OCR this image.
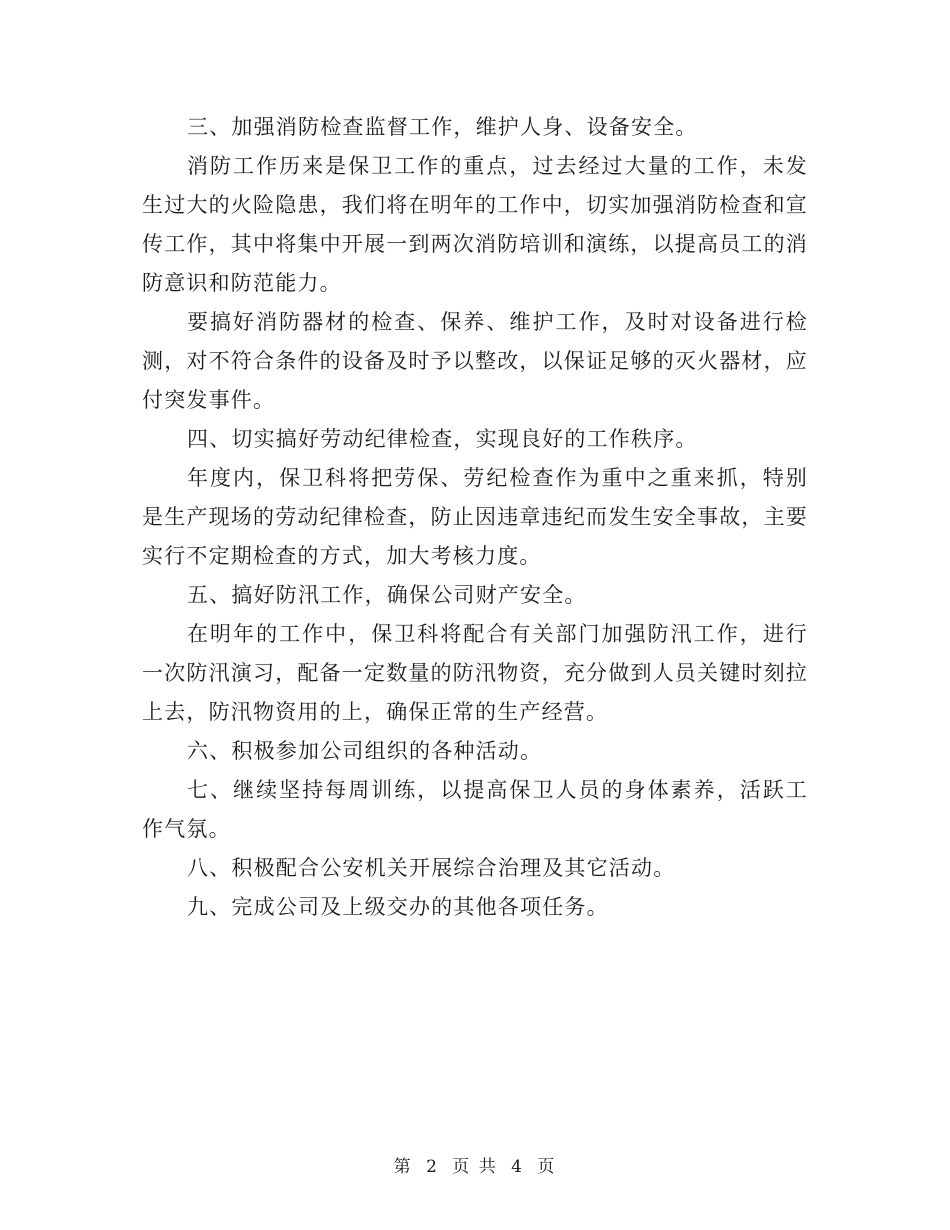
三、加强消防检查监督工作，维护人身、设备安全。

消防工作历来是保卫工作的重点，过去经过大量的工作，未发生过大的火险隐患，我们将在明年的工作中，切实加强消防检查和宣传工作，其中将集中开展一到两次消防培训和演练，以提高员工的消防意识和防范能力。

要搞好消防器材的检查、保养、维护工作，及时对设备进行检测，对不符合条件的设备及时予以整改，以保证足够的灭火器材，应付突发事件。

四、切实搞好劳动纪律检查，实现良好的工作秩序。

年度内，保卫科将把劳保、劳纪检查作为重中之重来抓，特别是生产现场的劳动纪律检查，防止因违章违纪而发生安全事故，主要实行不定期检查的方式，加大考核力度。

五、搞好防汛工作，确保公司财产安全。

在明年的工作中，保卫科将配合有关部门加强防汛工作，进行一次防汛演习，配备一定数量的防汛物资，充分做到人员关键时刻拉上去，防汛物资用的上，确保正常的生产经营。

六、积极参加公司组织的各种活动。

七、继续坚持每周训练，以提高保卫人员的身体素养，活跃工作气氛。

八、积极配合公安机关开展综合治理及其它活动。

九、完成公司及上级交办的其他各项任务。

第 2 页 共 4 页
